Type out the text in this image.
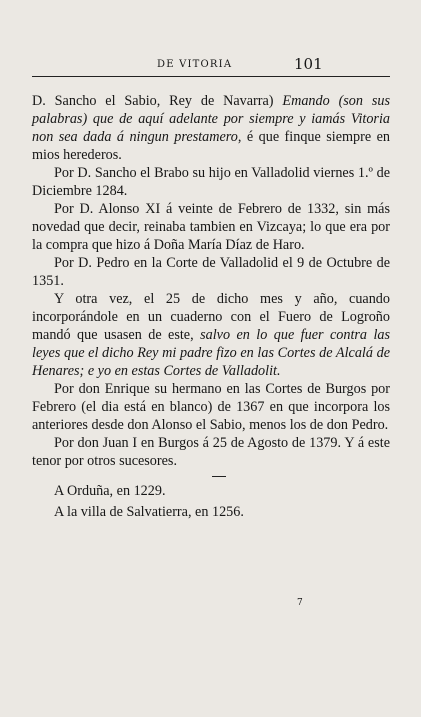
DE VITORIA	101

D. Sancho el Sabio, Rey de Navarra) Emando (son sus palabras) que de aquí adelante por siempre y iamás Vitoria non sea dada á ningun prestamero, é que finque siempre en mios herederos.

Por D. Sancho el Brabo su hijo en Valladolid viernes 1.º de Diciembre 1284.

Por D. Alonso XI á veinte de Febrero de 1332, sin más novedad que decir, reinaba tambien en Vizcaya; lo que era por la compra que hizo á Doña María Díaz de Haro.

Por D. Pedro en la Corte de Valladolid el 9 de Octubre de 1351.

Y otra vez, el 25 de dicho mes y año, cuando incorporándole en un cuaderno con el Fuero de Logroño mandó que usasen de este, salvo en lo que fuer contra las leyes que el dicho Rey mi padre fizo en las Cortes de Alcalá de Henares; e yo en estas Cortes de Valladolit.

Por don Enrique su hermano en las Cortes de Burgos por Febrero (el dia está en blanco) de 1367 en que incorpora los anteriores desde don Alonso el Sabio, menos los de don Pedro.

Por don Juan I en Burgos á 25 de Agosto de 1379. Y á este tenor por otros sucesores.

A Orduña, en 1229.

A la villa de Salvatierra, en 1256.

7
